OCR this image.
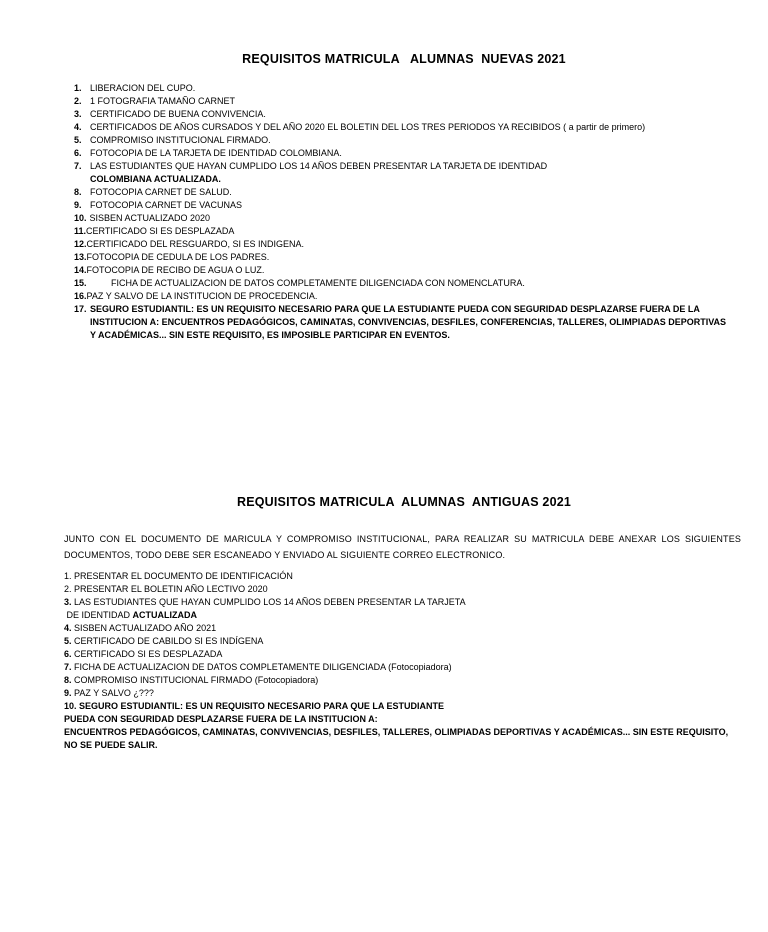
REQUISITOS MATRICULA   ALUMNAS  NUEVAS 2021
1. LIBERACION DEL CUPO.
2. 1 FOTOGRAFIA TAMAÑO CARNET
3. CERTIFICADO DE BUENA CONVIVENCIA.
4. CERTIFICADOS DE AÑOS CURSADOS Y DEL AÑO 2020 EL BOLETIN DEL LOS TRES PERIODOS YA RECIBIDOS ( a partir de primero)
5. COMPROMISO INSTITUCIONAL FIRMADO.
6. FOTOCOPIA DE LA TARJETA DE IDENTIDAD COLOMBIANA.
7. LAS ESTUDIANTES QUE HAYAN CUMPLIDO LOS 14 AÑOS DEBEN PRESENTAR LA TARJETA DE IDENTIDAD
COLOMBIANA ACTUALIZADA.
8. FOTOCOPIA CARNET DE SALUD.
9. FOTOCOPIA CARNET DE VACUNAS
10. SISBEN ACTUALIZADO 2020
11. CERTIFICADO SI ES DESPLAZADA
12. CERTIFICADO DEL RESGUARDO, SI ES INDIGENA.
13. FOTOCOPIA DE CEDULA DE LOS PADRES.
14. FOTOCOPIA DE RECIBO DE AGUA O LUZ.
15.	FICHA DE ACTUALIZACION DE DATOS COMPLETAMENTE DILIGENCIADA CON NOMENCLATURA.
16. PAZ Y SALVO DE LA INSTITUCION DE PROCEDENCIA.
17. SEGURO ESTUDIANTIL: ES UN REQUISITO NECESARIO PARA QUE LA ESTUDIANTE PUEDA CON SEGURIDAD DESPLAZARSE FUERA DE LA INSTITUCION A: ENCUENTROS PEDAGÓGICOS, CAMINATAS, CONVIVENCIAS, DESFILES, CONFERENCIAS, TALLERES, OLIMPIADAS DEPORTIVAS Y ACADÉMICAS... SIN ESTE REQUISITO, ES IMPOSIBLE PARTICIPAR EN EVENTOS.
REQUISITOS MATRICULA  ALUMNAS  ANTIGUAS 2021
JUNTO CON EL DOCUMENTO DE MARICULA Y COMPROMISO INSTITUCIONAL, PARA REALIZAR SU MATRICULA DEBE ANEXAR LOS SIGUIENTES DOCUMENTOS, TODO DEBE SER ESCANEADO Y ENVIADO AL SIGUIENTE CORREO ELECTRONICO.
1. PRESENTAR EL DOCUMENTO DE IDENTIFICACIÓN
2. PRESENTAR EL BOLETIN AÑO LECTIVO 2020
3. LAS ESTUDIANTES QUE HAYAN CUMPLIDO LOS 14 AÑOS DEBEN PRESENTAR LA TARJETA
DE IDENTIDAD ACTUALIZADA
4. SISBEN ACTUALIZADO AÑO 2021
5. CERTIFICADO DE CABILDO SI ES INDÍGENA
6. CERTIFICADO SI ES DESPLAZADA
7. FICHA DE ACTUALIZACION DE DATOS COMPLETAMENTE DILIGENCIADA (Fotocopiadora)
8. COMPROMISO INSTITUCIONAL FIRMADO (Fotocopiadora)
9. PAZ Y SALVO ¿???
10. SEGURO ESTUDIANTIL: ES UN REQUISITO NECESARIO PARA QUE LA ESTUDIANTE
PUEDA CON SEGURIDAD DESPLAZARSE FUERA DE LA INSTITUCION A:
ENCUENTROS PEDAGÓGICOS, CAMINATAS, CONVIVENCIAS, DESFILES, TALLERES, OLIMPIADAS DEPORTIVAS Y ACADÉMICAS... SIN ESTE REQUISITO, NO SE PUEDE SALIR.
